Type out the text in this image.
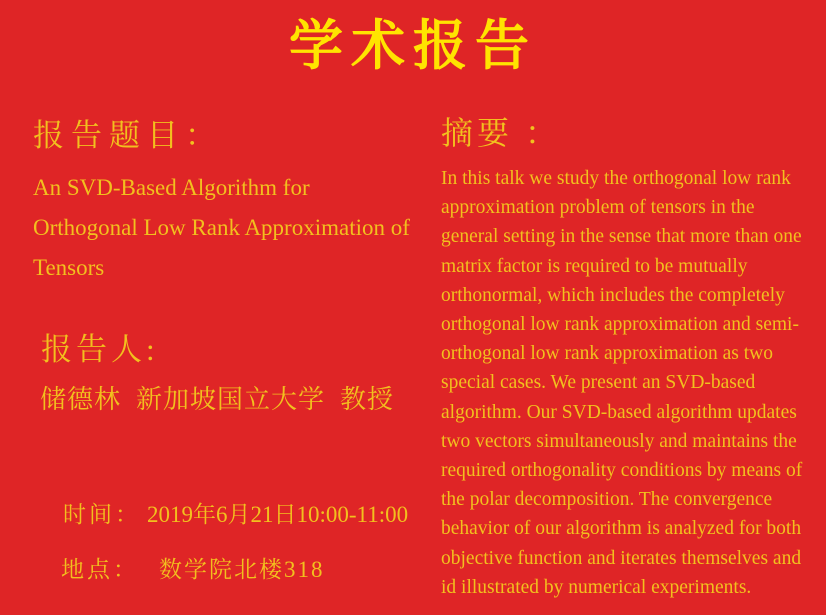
学术报告
报告题目：
An SVD-Based Algorithm for
Orthogonal Low Rank Approximation of
Tensors
报告人:
储德林  新加坡国立大学  教授

时间： 2019年6月21日10:00-11:00

地点： 数学院北楼318

摘要 ：
In this talk we study the orthogonal low rank
approximation problem of tensors in the
general setting in the sense that more than one
matrix factor is required to be mutually
orthonormal, which includes the completely
orthogonal low rank approximation and semi-
orthogonal low rank approximation as two
special cases. We present an SVD-based
algorithm. Our SVD-based algorithm updates
two vectors simultaneously and maintains the
required orthogonality conditions by means of
the polar decomposition. The convergence
behavior of our algorithm is analyzed for both
objective function and iterates themselves and
id illustrated by numerical experiments.
